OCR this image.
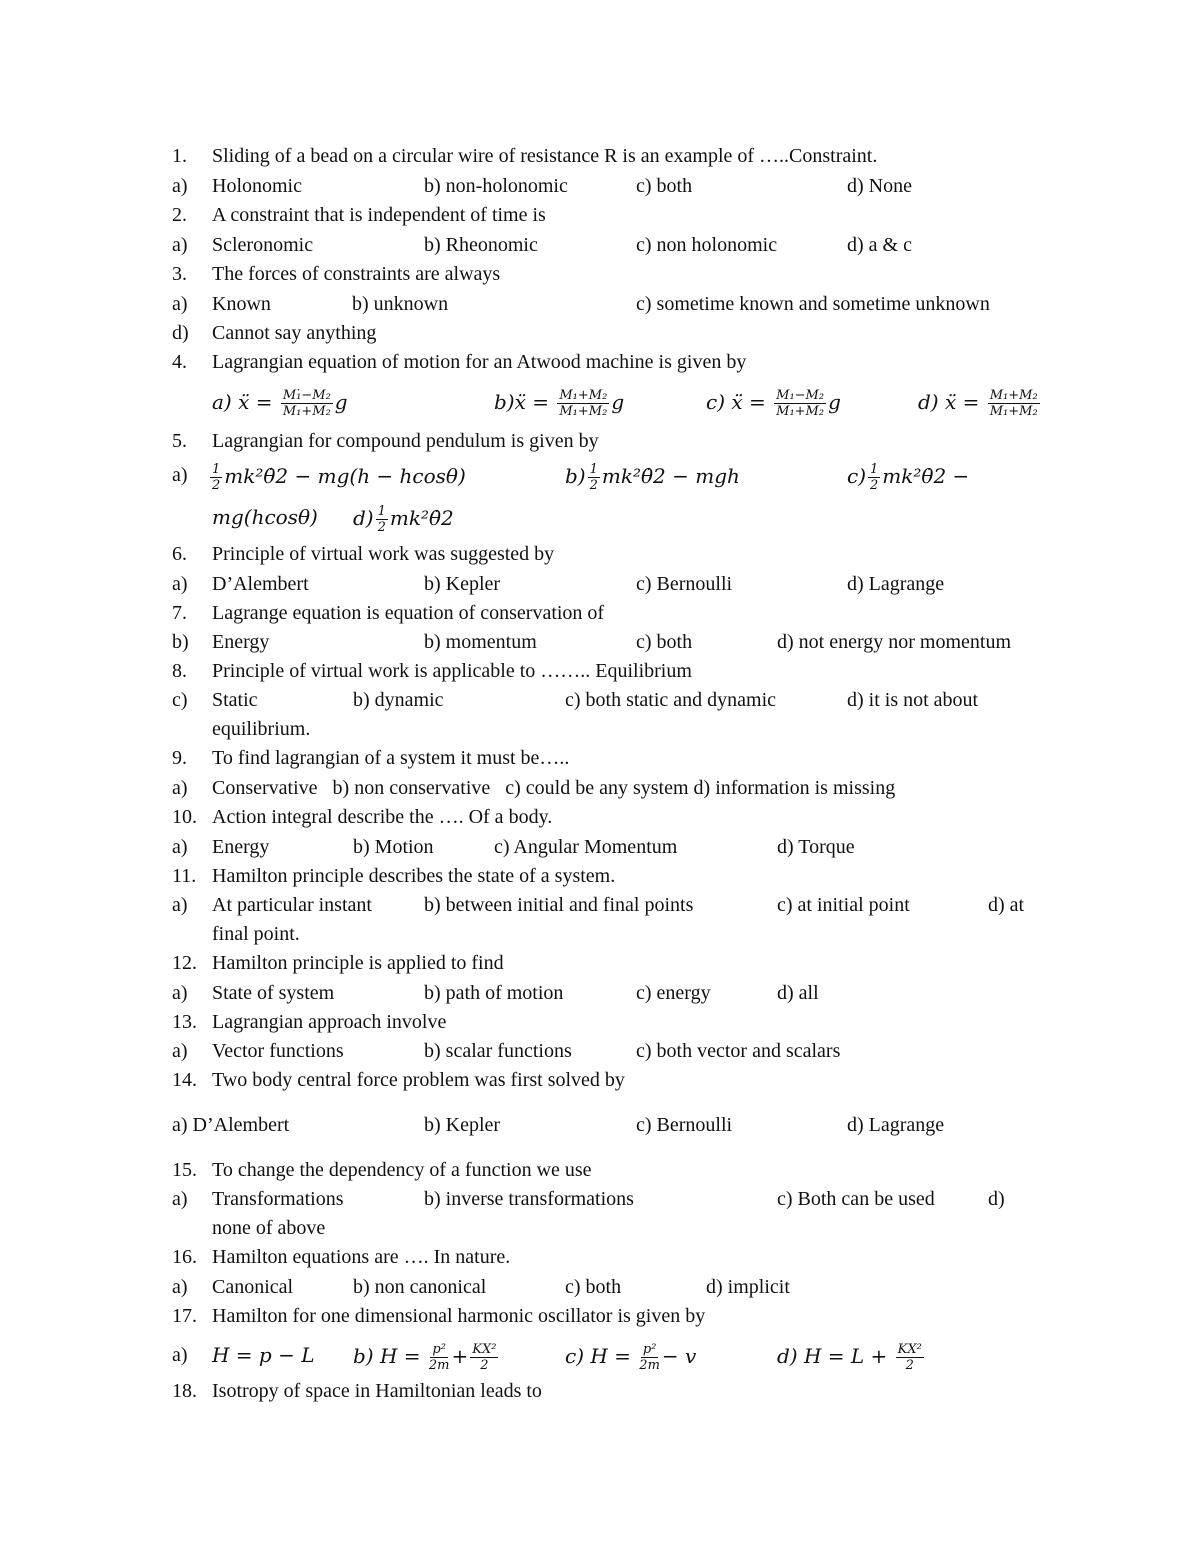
1. Sliding of a bead on a circular wire of resistance R is an example of …..Constraint.
a) Holonomic	b) non-holonomic	c) both	d) None
2. A constraint that is independent of time is
a) Scleronomic	b) Rheonomic	c) non holonomic	d) a & c
3. The forces of constraints are always
a) Known	b) unknown	c) sometime known and sometime unknown
d) Cannot say anything
4. Lagrangian equation of motion for an Atwood machine is given by
a) ẍ = $\frac{\text{M₁̇−M₂}}{\text{M₁+M₂}}$ g	b)ẍ = $\frac{\text{M₁+M₂}}{\text{M₁+M₂}}$ g	c) ẍ = $\frac{\text{M₁−M₂}}{\text{M₁+M₂}}$ g	d) ẍ = $\frac{\text{M₁+M₂}}{\text{M₁+M₂}}$
5. Lagrangian for compound pendulum is given by
$a) \frac{1}{2}$ mk²θ̇2 − mg(h − hcosθ)	$b) \frac{1}{2}$ mk²θ̇2 − mgh	$c) \frac{1}{2}$ mk²θ̇2 −
mg(hcosθ) $d) \frac{1}{2}$ mk²θ̇2
6. Principle of virtual work was suggested by
a) D’Alembert	b) Kepler	c) Bernoulli	d) Lagrange
7. Lagrange equation is equation of conservation of
b) Energy	b) momentum	c) both	d) not energy nor momentum
8. Principle of virtual work is applicable to …….. Equilibrium
c) Static	b) dynamic	c) both static and dynamic	d) it is not about
equilibrium.
9. To find lagrangian of a system it must be…..
a) Conservative   b) non conservative   c) could be any system d) information is missing
10. Action integral describe the …. Of a body.
a) Energy	b) Motion	c) Angular Momentum	d) Torque
11. Hamilton principle describes the state of a system.
a) At particular instant	b) between initial and final points	c) at initial point	d) at
final point.
12. Hamilton principle is applied to find
a) State of system	b) path of motion	c) energy	d) all
13. Lagrangian approach involve
a) Vector functions	b) scalar functions	c) both vector and scalars
14. Two body central force problem was first solved by
a) D’Alembert	b) Kepler	c) Bernoulli	d) Lagrange
15. To change the dependency of a function we use
a) Transformations	b) inverse transformations	c) Both can be used	d)
none of above
16. Hamilton equations are …. In nature.
a) Canonical	b) non canonical	c) both	d) implicit
17. Hamilton for one dimensional harmonic oscillator is given by
a) H = p − L b) $H = \frac{\text{p²}}{2m} + \frac{\text{KX²}}{2}$	c) $H = \frac{\text{p²}}{2m} - v$	d) $H = L + \frac{\text{KX²}}{2}$
18. Isotropy of space in Hamiltonian leads to
